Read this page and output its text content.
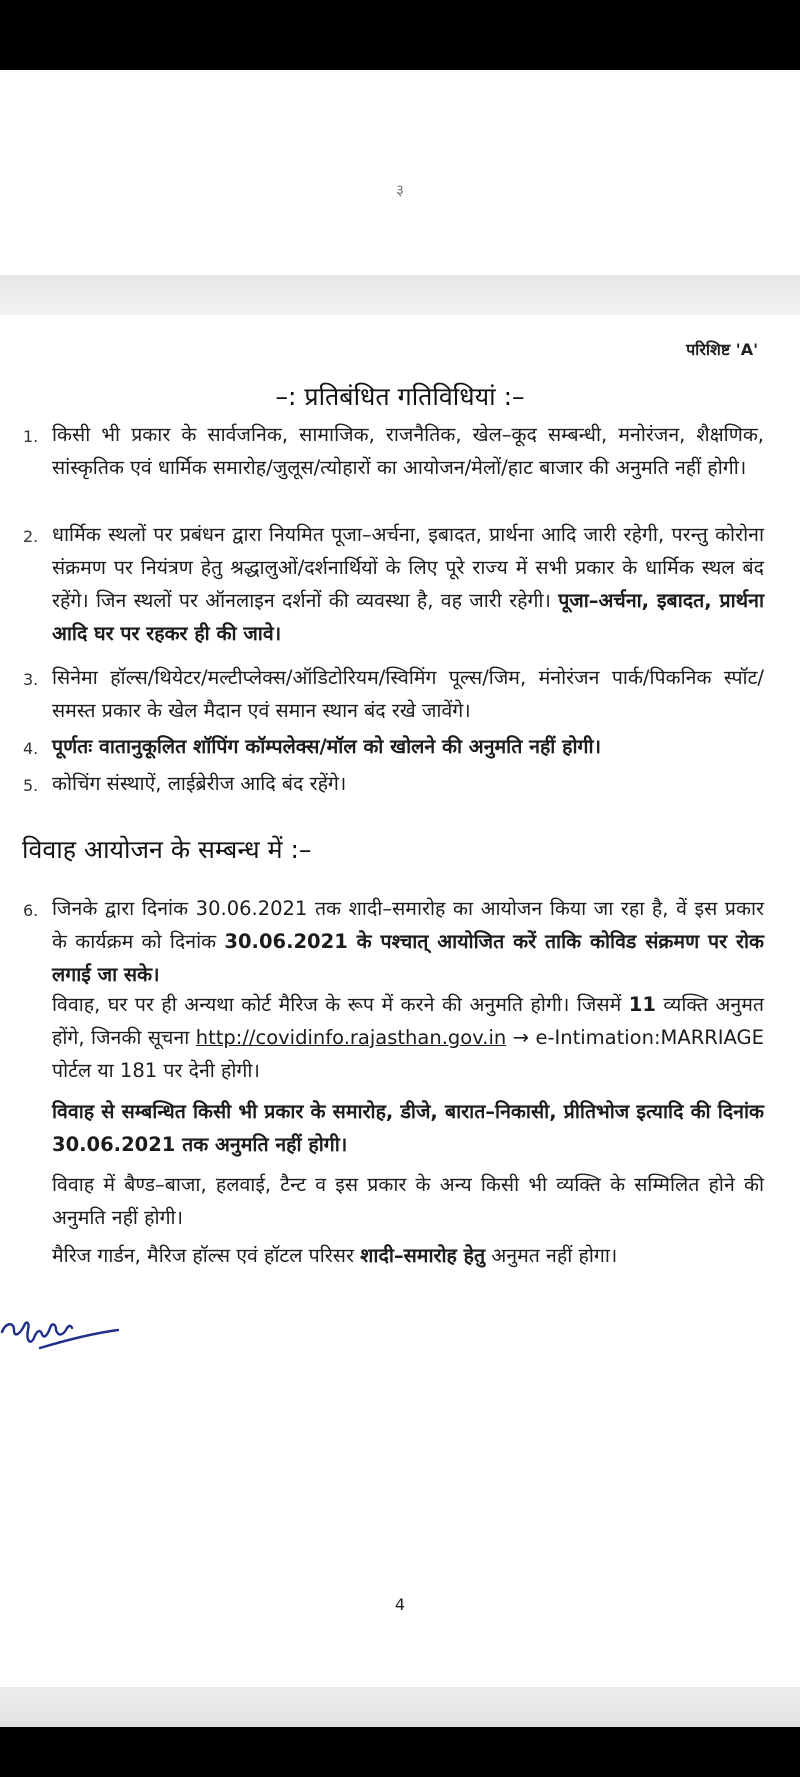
३
परिशिष्ट 'A'
–: प्रतिबंधित गतिविधियां :–
1. किसी भी प्रकार के सार्वजनिक, सामाजिक, राजनैतिक, खेल–कूद सम्बन्धी, मनोरंजन, शैक्षणिक, सांस्कृतिक एवं धार्मिक समारोह/जुलूस/त्योहारों का आयोजन/मेलों/हाट बाजार की अनुमति नहीं होगी।
2. धार्मिक स्थलों पर प्रबंधन द्वारा नियमित पूजा–अर्चना, इबादत, प्रार्थना आदि जारी रहेगी, परन्तु कोरोना संक्रमण पर नियंत्रण हेतु श्रद्धालुओं/दर्शनार्थियों के लिए पूरे राज्य में सभी प्रकार के धार्मिक स्थल बंद रहेंगे। जिन स्थलों पर ऑनलाइन दर्शनों की व्यवस्था है, वह जारी रहेगी। पूजा–अर्चना, इबादत, प्रार्थना आदि घर पर रहकर ही की जावे।
3. सिनेमा हॉल्स/थियेटर/मल्टीप्लेक्स/ऑडिटोरियम/स्विमिंग पूल्स/जिम, मंनोरंजन पार्क/पिकनिक स्पॉट/समस्त प्रकार के खेल मैदान एवं समान स्थान बंद रखे जावेंगे।
4. पूर्णतः वातानुकूलित शॉपिंग कॉम्पलेक्स/मॉल को खोलने की अनुमति नहीं होगी।
5. कोचिंग संस्थाऐं, लाईब्रेरीज आदि बंद रहेंगे।
विवाह आयोजन के सम्बन्ध में :–
6. जिनके द्वारा दिनांक 30.06.2021 तक शादी–समारोह का आयोजन किया जा रहा है, वें इस प्रकार के कार्यक्रम को दिनांक 30.06.2021 के पश्चात् आयोजित करें ताकि कोविड संक्रमण पर रोक लगाई जा सके।
विवाह, घर पर ही अन्यथा कोर्ट मैरिज के रूप में करने की अनुमति होगी। जिसमें 11 व्यक्ति अनुमत होंगे, जिनकी सूचना http://covidinfo.rajasthan.gov.in → e-Intimation:MARRIAGE पोर्टल या 181 पर देनी होगी।
विवाह से सम्बन्धित किसी भी प्रकार के समारोह, डीजे, बारात–निकासी, प्रीतिभोज इत्यादि की दिनांक 30.06.2021 तक अनुमति नहीं होगी।
विवाह में बैण्ड–बाजा, हलवाई, टैन्ट व इस प्रकार के अन्य किसी भी व्यक्ति के सम्मिलित होने की अनुमति नहीं होगी।
मैरिज गार्डन, मैरिज हॉल्स एवं हॉटल परिसर शादी–समारोह हेतु अनुमत नहीं होगा।
4
